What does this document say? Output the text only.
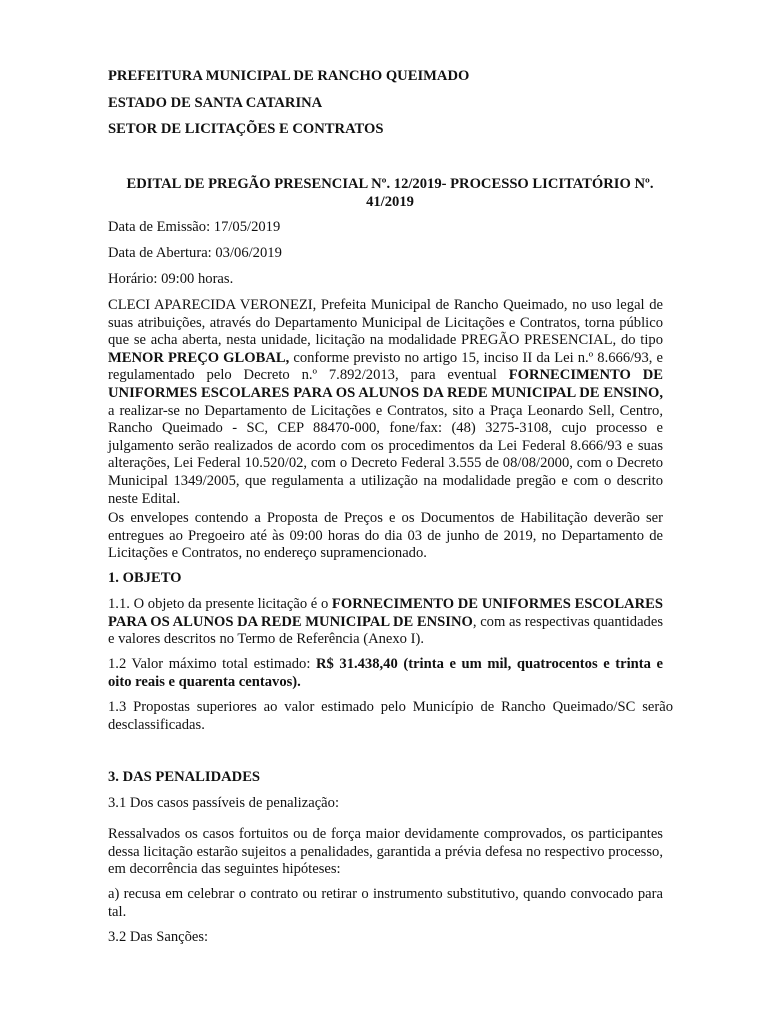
PREFEITURA MUNICIPAL DE RANCHO QUEIMADO
ESTADO DE SANTA CATARINA
SETOR DE LICITAÇÕES E CONTRATOS
EDITAL DE PREGÃO PRESENCIAL Nº. 12/2019- PROCESSO LICITATÓRIO Nº. 41/2019
Data de Emissão: 17/05/2019
Data de Abertura: 03/06/2019
Horário: 09:00 horas.
CLECI APARECIDA VERONEZI, Prefeita Municipal de Rancho Queimado, no uso legal de suas atribuições, através do Departamento Municipal de Licitações e Contratos, torna público que se acha aberta, nesta unidade, licitação na modalidade PREGÃO PRESENCIAL, do tipo MENOR PREÇO GLOBAL, conforme previsto no artigo 15, inciso II da Lei n.º 8.666/93, e regulamentado pelo Decreto n.º 7.892/2013, para eventual FORNECIMENTO DE UNIFORMES ESCOLARES PARA OS ALUNOS DA REDE MUNICIPAL DE ENSINO, a realizar-se no Departamento de Licitações e Contratos, sito a Praça Leonardo Sell, Centro, Rancho Queimado - SC, CEP 88470-000, fone/fax: (48) 3275-3108, cujo processo e julgamento serão realizados de acordo com os procedimentos da Lei Federal 8.666/93 e suas alterações, Lei Federal 10.520/02, com o Decreto Federal 3.555 de 08/08/2000, com o Decreto Municipal 1349/2005, que regulamenta a utilização na modalidade pregão e com o descrito neste Edital.
Os envelopes contendo a Proposta de Preços e os Documentos de Habilitação deverão ser entregues ao Pregoeiro até às 09:00 horas do dia 03 de junho de 2019, no Departamento de Licitações e Contratos, no endereço supramencionado.
1. OBJETO
1.1. O objeto da presente licitação é o FORNECIMENTO DE UNIFORMES ESCOLARES PARA OS ALUNOS DA REDE MUNICIPAL DE ENSINO, com as respectivas quantidades e valores descritos no Termo de Referência (Anexo I).
1.2 Valor máximo total estimado: R$ 31.438,40 (trinta e um mil, quatrocentos e trinta e oito reais e quarenta centavos).
1.3 Propostas superiores ao valor estimado pelo Município de Rancho Queimado/SC serão desclassificadas.
3. DAS PENALIDADES
3.1 Dos casos passíveis de penalização:
Ressalvados os casos fortuitos ou de força maior devidamente comprovados, os participantes dessa licitação estarão sujeitos a penalidades, garantida a prévia defesa no respectivo processo, em decorrência das seguintes hipóteses:
a) recusa em celebrar o contrato ou retirar o instrumento substitutivo, quando convocado para tal.
3.2 Das Sanções:
